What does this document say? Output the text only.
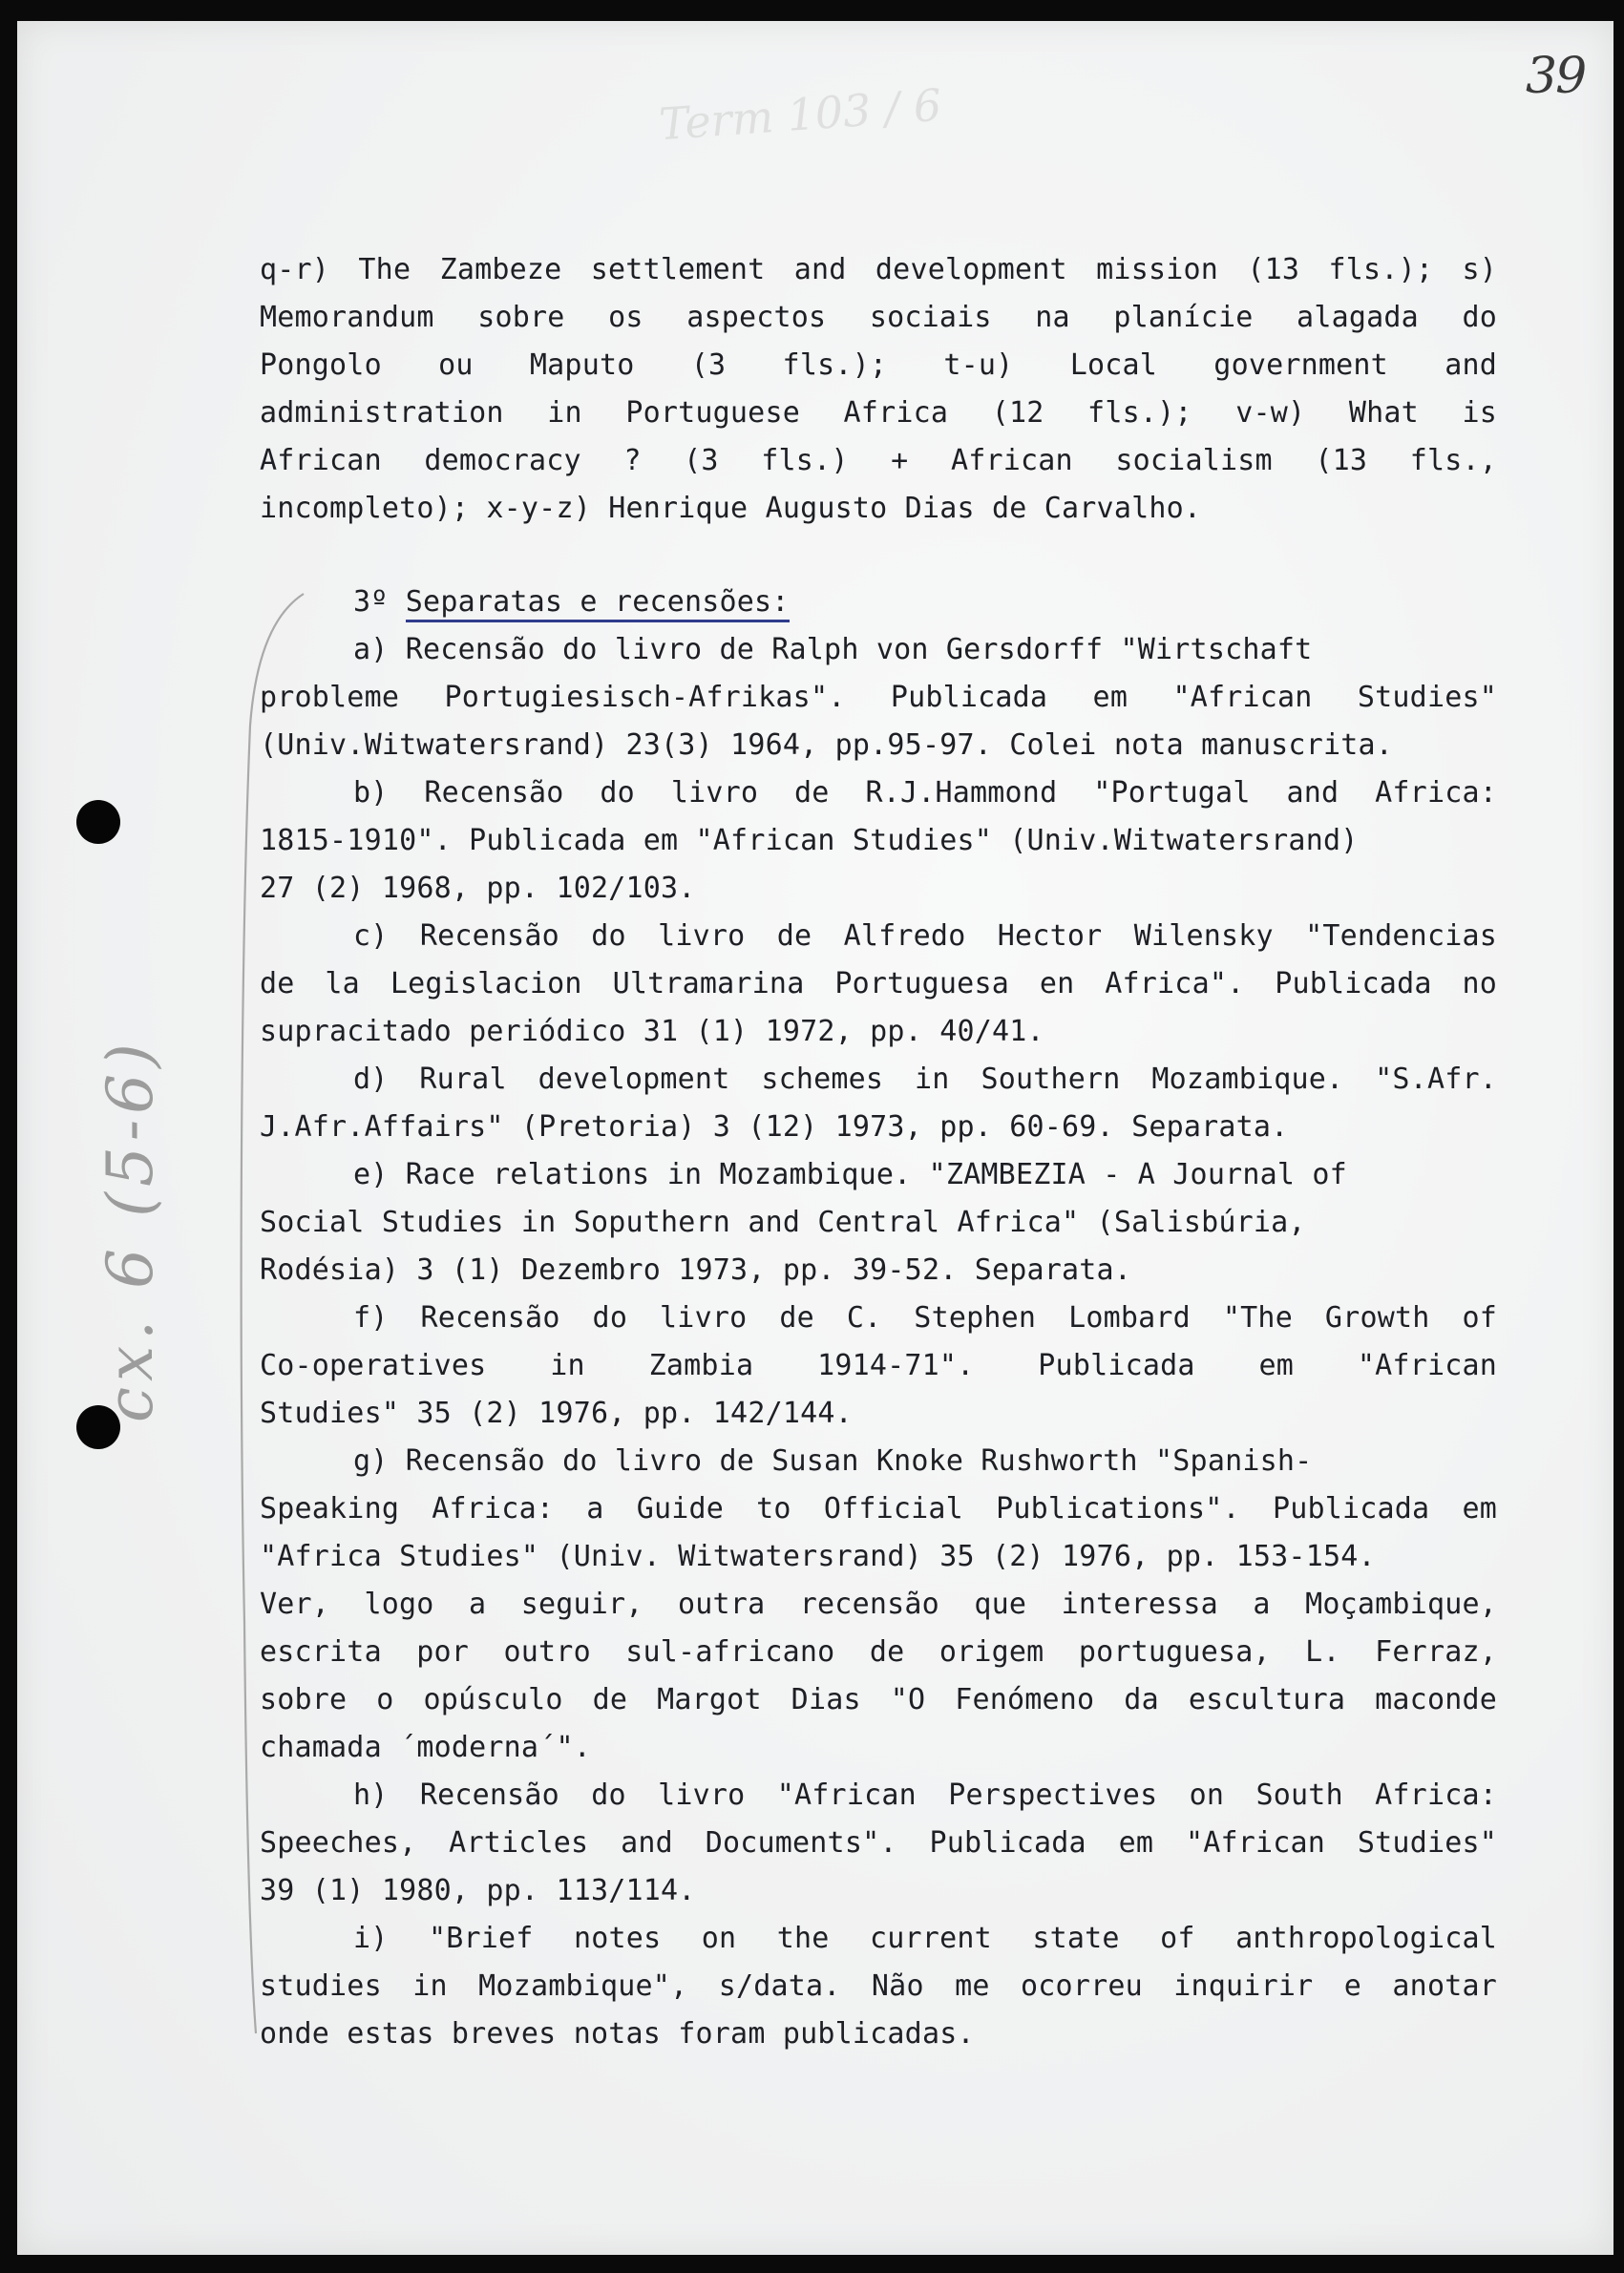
39
Term 103 / 6
cx. 6 (5-6)
q-r) The Zambeze settlement and development mission (13 fls.); s)
Memorandum sobre os aspectos sociais na planície alagada do
Pongolo ou Maputo (3 fls.); t-u) Local government and
administration in Portuguese Africa (12 fls.); v-w) What is
African democracy ? (3 fls.) + African socialism (13 fls.,
incompleto); x-y-z) Henrique Augusto Dias de Carvalho.
3º Separatas e recensões:
a) Recensão do livro de Ralph von Gersdorff "Wirtschaft
probleme Portugiesisch-Afrikas". Publicada em "African Studies"
(Univ.Witwatersrand) 23(3) 1964, pp.95-97. Colei nota manuscrita.
b) Recensão do livro de R.J.Hammond "Portugal and Africa:
1815-1910". Publicada em "African Studies" (Univ.Witwatersrand)
27 (2) 1968, pp. 102/103.
c) Recensão do livro de Alfredo Hector Wilensky "Tendencias
de la Legislacion Ultramarina Portuguesa en Africa". Publicada no
supracitado periódico 31 (1) 1972, pp. 40/41.
d) Rural development schemes in Southern Mozambique. "S.Afr.
J.Afr.Affairs" (Pretoria) 3 (12) 1973, pp. 60-69. Separata.
e) Race relations in Mozambique. "ZAMBEZIA - A Journal of
Social Studies in Soputhern and Central Africa" (Salisbúria,
Rodésia) 3 (1) Dezembro 1973, pp. 39-52. Separata.
f) Recensão do livro de C. Stephen Lombard "The Growth of
Co-operatives in Zambia 1914-71". Publicada em "African
Studies" 35 (2) 1976, pp. 142/144.
g) Recensão do livro de Susan Knoke Rushworth "Spanish-
Speaking Africa: a Guide to Official Publications". Publicada em
"Africa Studies" (Univ. Witwatersrand) 35 (2) 1976, pp. 153-154.
Ver, logo a seguir, outra recensão que interessa a Moçambique,
escrita por outro sul-africano de origem portuguesa, L. Ferraz,
sobre o opúsculo de Margot Dias "O Fenómeno da escultura maconde
chamada ´moderna´".
h) Recensão do livro "African Perspectives on South Africa:
Speeches, Articles and Documents". Publicada em "African Studies"
39 (1) 1980, pp. 113/114.
i) "Brief notes on the current state of anthropological
studies in Mozambique", s/data. Não me ocorreu inquirir e anotar
onde estas breves notas foram publicadas.
